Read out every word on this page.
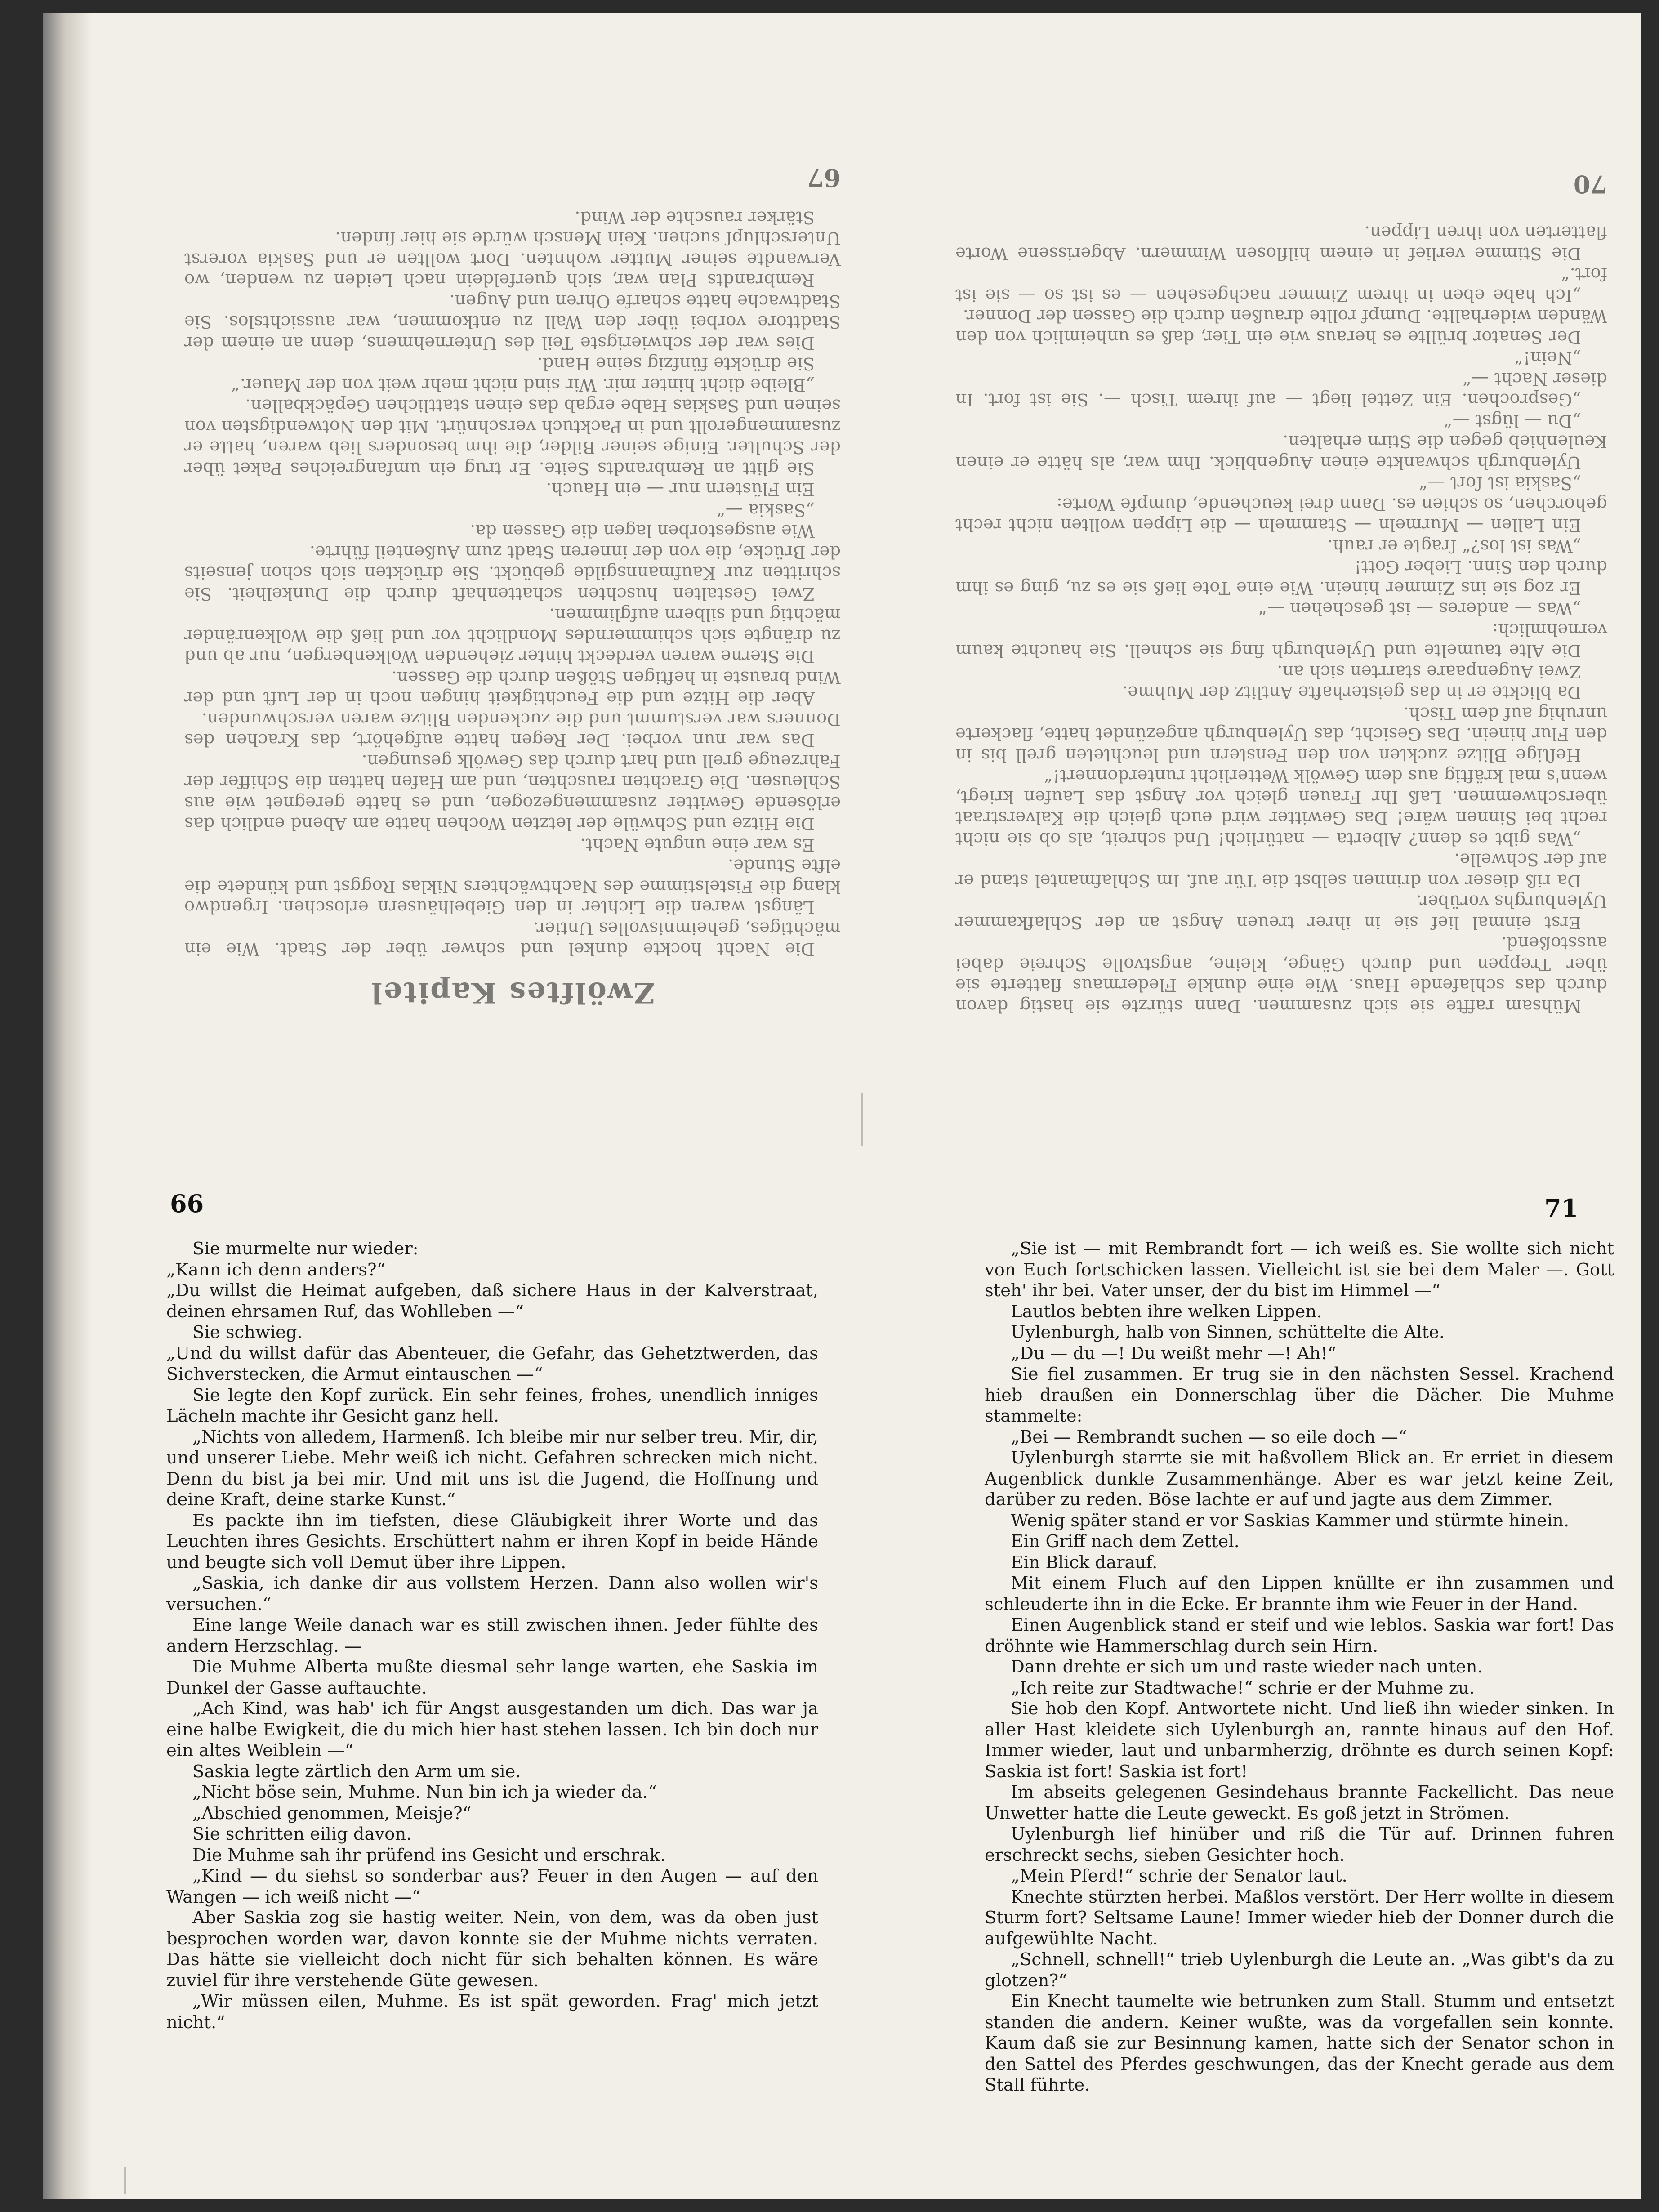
Zwölftes Kapitel

Die Nacht hockte dunkel und schwer über der Stadt. Wie ein mächtiges, geheimnisvolles Untier.

Längst waren die Lichter in den Giebelhäusern erloschen. Irgendwo klang die Fistelstimme des Nachtwächters Niklas Roggst und kündete die elfte Stunde.

Es war eine ungute Nacht.

Die Hitze und Schwüle der letzten Wochen hatte am Abend endlich das erlösende Gewitter zusammengezogen, und es hatte geregnet wie aus Schleusen. Die Grachten rauschten, und am Hafen hatten die Schiffer der Fahrzeuge grell und hart durch das Gewölk gesungen.

Das war nun vorbei. Der Regen hatte aufgehört, das Krachen des Donners war verstummt und die zuckenden Blitze waren verschwunden.

Aber die Hitze und die Feuchtigkeit hingen noch in der Luft und der Wind brauste in heftigen Stößen durch die Gassen.

Die Sterne waren verdeckt hinter ziehenden Wolkenbergen, nur ab und zu drängte sich schimmerndes Mondlicht vor und ließ die Wolkenränder mächtig und silbern aufglimmen.

Zwei Gestalten huschten schattenhaft durch die Dunkelheit. Sie schritten zur Kaufmannsgilde gebückt. Sie drückten sich schon jenseits der Brücke, die von der inneren Stadt zum Außenteil führte.

Wie ausgestorben lagen die Gassen da.

„Saskia —“

Ein Flüstern nur — ein Hauch.

Sie glitt an Rembrandts Seite. Er trug ein umfangreiches Paket über der Schulter. Einige seiner Bilder, die ihm besonders lieb waren, hatte er zusammengerollt und in Packtuch verschnürt. Mit den Notwendigsten von seinen und Saskias Habe ergab das einen stattlichen Gepäckballen.

„Bleibe dicht hinter mir. Wir sind nicht mehr weit von der Mauer.“

Sie drückte fünfzig seine Hand.

Dies war der schwierigste Teil des Unternehmens, denn an einem der Stadttore vorbei über den Wall zu entkommen, war aussichtslos. Sie Stadtwache hatte scharfe Ohren und Augen.

Rembrandts Plan war, sich querfeldein nach Leiden zu wenden, wo Verwandte seiner Mutter wohnten. Dort wollten er und Saskia vorerst Unterschlupf suchen. Kein Mensch würde sie hier finden.

Stärker rauschte der Wind.

67

Mühsam raffte sie sich zusammen. Dann stürzte sie hastig davon durch das schlafende Haus. Wie eine dunkle Fledermaus flatterte sie über Treppen und durch Gänge, kleine, angstvolle Schreie dabei ausstoßend.

Erst einmal lief sie in ihrer treuen Angst an der Schlafkammer Uylenburghs vorüber.

Da riß dieser von drinnen selbst die Tür auf. Im Schlafmantel stand er auf der Schwelle.

„Was gibt es denn? Alberta — natürlich! Und schreit, als ob sie nicht recht bei Sinnen wäre! Das Gewitter wird euch gleich die Kalverstraat überschwemmen. Laß Ihr Frauen gleich vor Angst das Laufen kriegt, wenn's mal kräftig aus dem Gewölk Wetterlicht runterdonnert!“

Heftige Blitze zuckten von den Fenstern und leuchteten grell bis in den Flur hinein. Das Gesicht, das Uylenburgh angezündet hatte, flackerte unruhig auf dem Tisch.

Da blickte er in das geisterhafte Antlitz der Muhme.

Zwei Augenpaare starrten sich an.

Die Alte taumelte und Uylenburgh fing sie schnell. Sie hauchte kaum vernehmlich:

„Was — anderes — ist geschehen —“

Er zog sie ins Zimmer hinein. Wie eine Tote ließ sie es zu, ging es ihm durch den Sinn. Lieber Gott!

„Was ist los?“ fragte er rauh.

Ein Lallen — Murmeln — Stammeln — die Lippen wollten nicht recht gehorchen, so schien es. Dann drei keuchende, dumpfe Worte:

„Saskia ist fort —“

Uylenburgh schwankte einen Augenblick. Ihm war, als hätte er einen Keulenhieb gegen die Stirn erhalten.

„Du — lügst —“

„Gesprochen. Ein Zettel liegt — auf ihrem Tisch —. Sie ist fort. In dieser Nacht —“

„Nein!“

Der Senator brüllte es heraus wie ein Tier, daß es unheimlich von den Wänden widerhallte. Dumpf rollte draußen durch die Gassen der Donner.

„Ich habe eben in ihrem Zimmer nachgesehen — es ist so — sie ist fort.“

Die Stimme verlief in einem hilflosen Wimmern. Abgerissene Worte flatterten von ihren Lippen.

70
66

Sie murmelte nur wieder:

„Kann ich denn anders?“

„Du willst die Heimat aufgeben, daß sichere Haus in der Kalverstraat, deinen ehrsamen Ruf, das Wohlleben —“

Sie schwieg.

„Und du willst dafür das Abenteuer, die Gefahr, das Gehetztwerden, das Sichverstecken, die Armut eintauschen —“

Sie legte den Kopf zurück. Ein sehr feines, frohes, unendlich inniges Lächeln machte ihr Gesicht ganz hell.

„Nichts von alledem, Harmenß. Ich bleibe mir nur selber treu. Mir, dir, und unserer Liebe. Mehr weiß ich nicht. Gefahren schrecken mich nicht. Denn du bist ja bei mir. Und mit uns ist die Jugend, die Hoffnung und deine Kraft, deine starke Kunst.“

Es packte ihn im tiefsten, diese Gläubigkeit ihrer Worte und das Leuchten ihres Gesichts. Erschüttert nahm er ihren Kopf in beide Hände und beugte sich voll Demut über ihre Lippen.

„Saskia, ich danke dir aus vollstem Herzen. Dann also wollen wir's versuchen.“

Eine lange Weile danach war es still zwischen ihnen. Jeder fühlte des andern Herzschlag. —

Die Muhme Alberta mußte diesmal sehr lange warten, ehe Saskia im Dunkel der Gasse auftauchte.

„Ach Kind, was hab' ich für Angst ausgestanden um dich. Das war ja eine halbe Ewigkeit, die du mich hier hast stehen lassen. Ich bin doch nur ein altes Weiblein —“

Saskia legte zärtlich den Arm um sie.

„Nicht böse sein, Muhme. Nun bin ich ja wieder da.“

„Abschied genommen, Meisje?“

Sie schritten eilig davon.

Die Muhme sah ihr prüfend ins Gesicht und erschrak.

„Kind — du siehst so sonderbar aus? Feuer in den Augen — auf den Wangen — ich weiß nicht —“

Aber Saskia zog sie hastig weiter. Nein, von dem, was da oben just besprochen worden war, davon konnte sie der Muhme nichts verraten. Das hätte sie vielleicht doch nicht für sich behalten können. Es wäre zuviel für ihre verstehende Güte gewesen.

„Wir müssen eilen, Muhme. Es ist spät geworden. Frag' mich jetzt nicht.“

71

„Sie ist — mit Rembrandt fort — ich weiß es. Sie wollte sich nicht von Euch fortschicken lassen. Vielleicht ist sie bei dem Maler —. Gott steh' ihr bei. Vater unser, der du bist im Himmel —“

Lautlos bebten ihre welken Lippen.

Uylenburgh, halb von Sinnen, schüttelte die Alte.

„Du — du —! Du weißt mehr —! Ah!“

Sie fiel zusammen. Er trug sie in den nächsten Sessel. Krachend hieb draußen ein Donnerschlag über die Dächer. Die Muhme stammelte:

„Bei — Rembrandt suchen — so eile doch —“

Uylenburgh starrte sie mit haßvollem Blick an. Er erriet in diesem Augenblick dunkle Zusammenhänge. Aber es war jetzt keine Zeit, darüber zu reden. Böse lachte er auf und jagte aus dem Zimmer.

Wenig später stand er vor Saskias Kammer und stürmte hinein.

Ein Griff nach dem Zettel.

Ein Blick darauf.

Mit einem Fluch auf den Lippen knüllte er ihn zusammen und schleuderte ihn in die Ecke. Er brannte ihm wie Feuer in der Hand.

Einen Augenblick stand er steif und wie leblos. Saskia war fort! Das dröhnte wie Hammerschlag durch sein Hirn.

Dann drehte er sich um und raste wieder nach unten.

„Ich reite zur Stadtwache!“ schrie er der Muhme zu.

Sie hob den Kopf. Antwortete nicht. Und ließ ihn wieder sinken. In aller Hast kleidete sich Uylenburgh an, rannte hinaus auf den Hof. Immer wieder, laut und unbarmherzig, dröhnte es durch seinen Kopf: Saskia ist fort! Saskia ist fort!

Im abseits gelegenen Gesindehaus brannte Fackellicht. Das neue Unwetter hatte die Leute geweckt. Es goß jetzt in Strömen.

Uylenburgh lief hinüber und riß die Tür auf. Drinnen fuhren erschreckt sechs, sieben Gesichter hoch.

„Mein Pferd!“ schrie der Senator laut.

Knechte stürzten herbei. Maßlos verstört. Der Herr wollte in diesem Sturm fort? Seltsame Laune! Immer wieder hieb der Donner durch die aufgewühlte Nacht.

„Schnell, schnell!“ trieb Uylenburgh die Leute an. „Was gibt's da zu glotzen?“

Ein Knecht taumelte wie betrunken zum Stall. Stumm und entsetzt standen die andern. Keiner wußte, was da vorgefallen sein konnte. Kaum daß sie zur Besinnung kamen, hatte sich der Senator schon in den Sattel des Pferdes geschwungen, das der Knecht gerade aus dem Stall führte.
